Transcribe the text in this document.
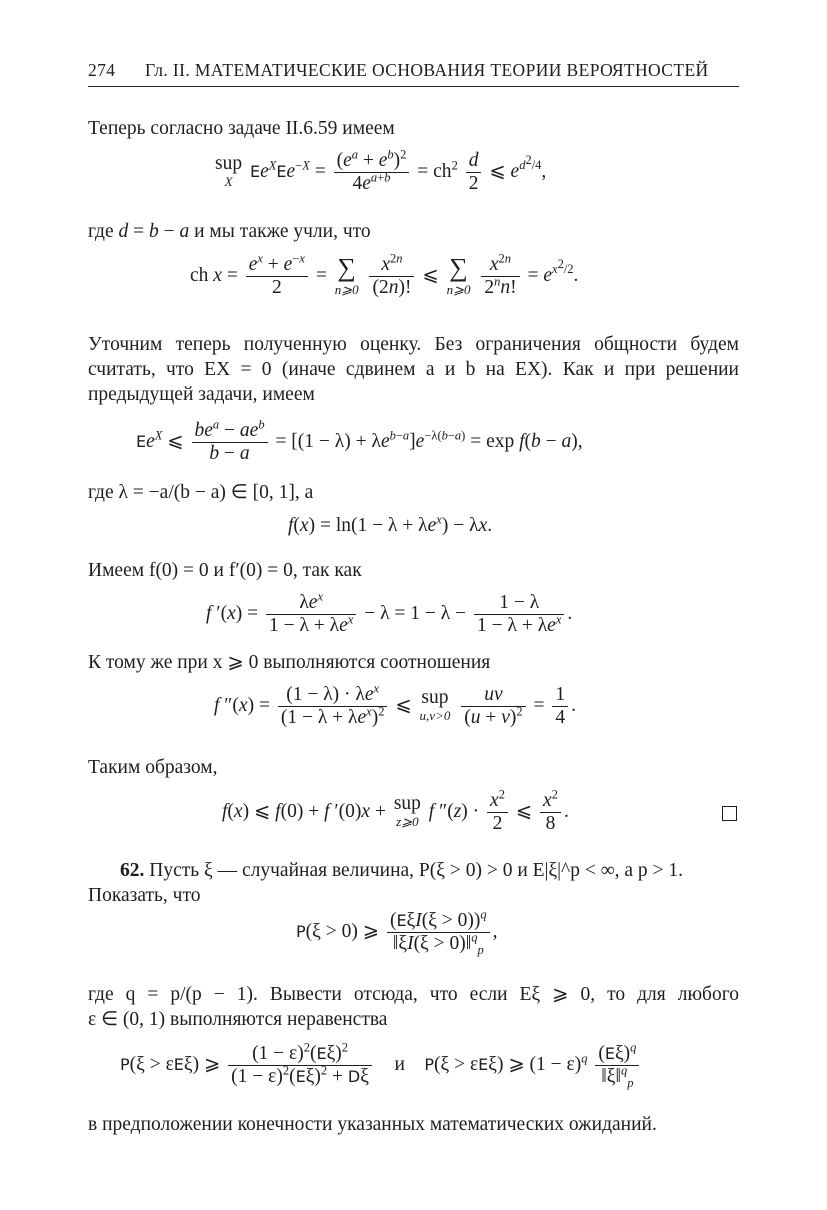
274 Гл. II. МАТЕМАТИЧЕСКИЕ ОСНОВАНИЯ ТЕОРИИ ВЕРОЯТНОСТЕЙ
Теперь согласно задаче II.6.59 имеем
sup
X
$Ee^XEe^{-X} = \frac{(e^a + e^b)^2}{4e^{a+b}} = ch^2 \frac{d}{2}$ ⩽ $e^{d^2/4}$,
где d = b − a и мы также учли, что
ch $x = \frac{e^x + e^{-x}}{2}$ = ∑
n⩾0
$\frac{x^{2n}}{(2n)!}$ ⩽ ∑
n⩾0
$\frac{x^{2n}}{2^nn!} = e^{x^2/2}$.
Уточним теперь полученную оценку. Без ограничения общности будем
считать, что EX = 0 (иначе сдвинем a и b на EX). Как и при решении
предыдущей задачи, имеем
$Ee^X$ ⩽ $\frac{be^a - ae^b}{b - a} = [(1 - \lambda) + \lambda e^{b-a}]e^{-\lambda(b-a)} = \exp f(b - a)$,
где λ = −a/(b − a) ∈ [0, 1], а
$f(x) = \ln(1 - \lambda + \lambda e^x) - \lambda x$.
Имеем f(0) = 0 и f′(0) = 0, так как
f $'(x) = \frac{\lambda e^x}{1 - \lambda + \lambda e^x} - \lambda = 1 - \lambda - \frac{1 - \lambda}{1 - \lambda + \lambda e^x}$ .
К тому же при x ⩾ 0 выполняются соотношения
f $''(x) = \frac{(1 - \lambda) \cdot \lambda e^x}{(1 - \lambda + \lambda e^x)^2}$ ⩽ sup
u,v>0
$\frac{uv}{(u + v)^2} = \frac{1}{4}$ .
Таким образом,
f(x) ⩽ f(0) + f ′(0)x + sup
z⩾0 f $''(z) \cdot \frac{x^2}{2}$ ⩽ $\frac{x^2}{8}$ .
62. Пусть ξ — случайная величина, P(ξ > 0) > 0 и E|ξ|^p < ∞, а p > 1.
Показать, что
P(ξ > 0) ⩾ $\frac{(E\xi I(\xi > 0))^q}{‖\xi I(\xi > 0)‖^q_p}$ ,
где q = p/(p − 1). Вывести отсюда, что если Eξ ⩾ 0, то для любого
ε ∈ (0, 1) выполняются неравенства
P(ξ > εEξ) ⩾ $\frac{(1 - \varepsilon)^2(E\xi)^2}{(1 - \varepsilon)^2(E\xi)^2 + D\xi}$ и P(ξ > εEξ) ⩾ $(1 - \varepsilon)^q \frac{(E\xi)^q}{‖\xi‖^q_p}$
в предположении конечности указанных математических ожиданий.
